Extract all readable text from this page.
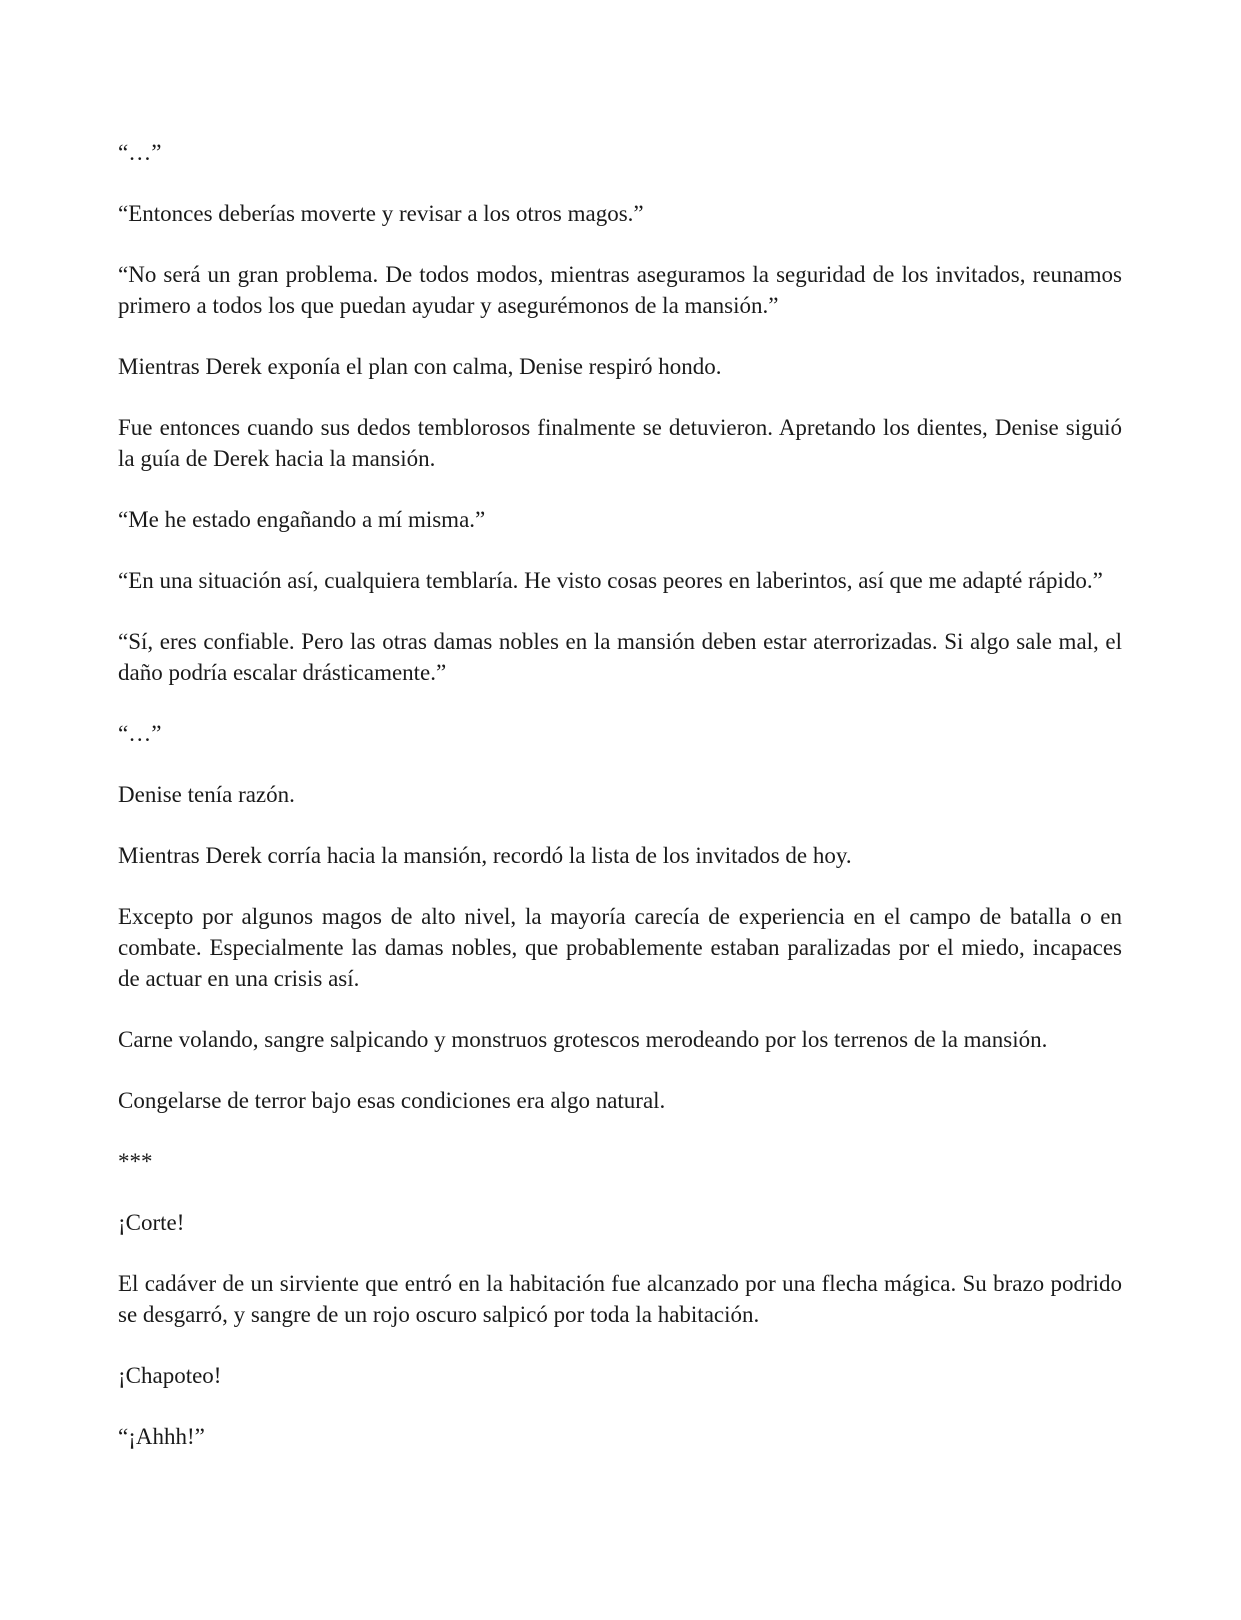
“…”

“Entonces deberías moverte y revisar a los otros magos.”

“No será un gran problema. De todos modos, mientras aseguramos la seguridad de los invitados, reunamos primero a todos los que puedan ayudar y asegurémonos de la mansión.”

Mientras Derek exponía el plan con calma, Denise respiró hondo.

Fue entonces cuando sus dedos temblorosos finalmente se detuvieron. Apretando los dientes, Denise siguió la guía de Derek hacia la mansión.

“Me he estado engañando a mí misma.”

“En una situación así, cualquiera temblaría. He visto cosas peores en laberintos, así que me adapté rápido.”

“Sí, eres confiable. Pero las otras damas nobles en la mansión deben estar aterrorizadas. Si algo sale mal, el daño podría escalar drásticamente.”

“…”

Denise tenía razón.

Mientras Derek corría hacia la mansión, recordó la lista de los invitados de hoy.

Excepto por algunos magos de alto nivel, la mayoría carecía de experiencia en el campo de batalla o en combate. Especialmente las damas nobles, que probablemente estaban paralizadas por el miedo, incapaces de actuar en una crisis así.

Carne volando, sangre salpicando y monstruos grotescos merodeando por los terrenos de la mansión.

Congelarse de terror bajo esas condiciones era algo natural.

***

¡Corte!

El cadáver de un sirviente que entró en la habitación fue alcanzado por una flecha mágica. Su brazo podrido se desgarró, y sangre de un rojo oscuro salpicó por toda la habitación.

¡Chapoteo!

“¡Ahhh!”
